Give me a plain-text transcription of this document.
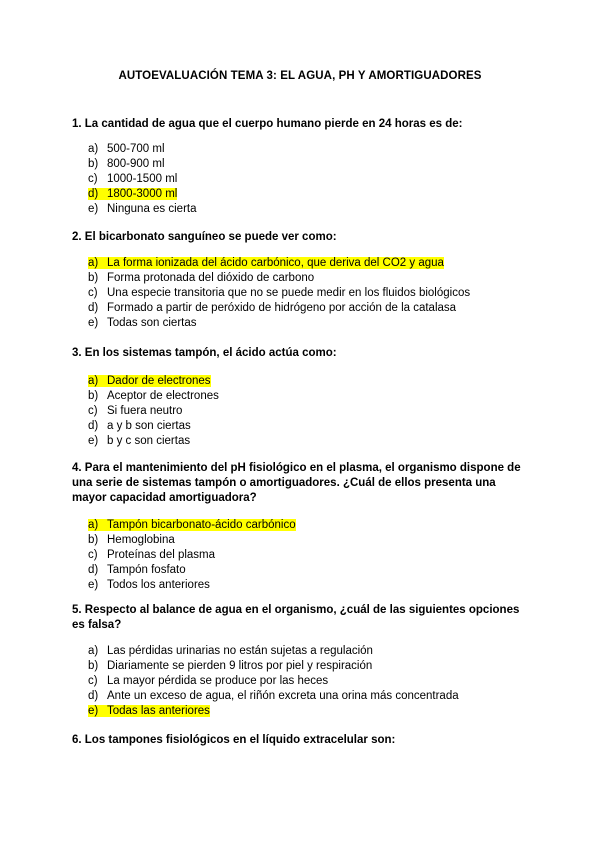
AUTOEVALUACIÓN TEMA 3: EL AGUA, PH Y AMORTIGUADORES
1. La cantidad de agua que el cuerpo humano pierde en 24 horas es de:
a) 500-700 ml
b) 800-900 ml
c) 1000-1500 ml
d) 1800-3000 ml
e) Ninguna es cierta
2. El bicarbonato sanguíneo se puede ver como:
a) La forma ionizada del ácido carbónico, que deriva del CO2 y agua
b) Forma protonada del dióxido de carbono
c) Una especie transitoria que no se puede medir en los fluidos biológicos
d) Formado a partir de peróxido de hidrógeno por acción de la catalasa
e) Todas son ciertas
3. En los sistemas tampón, el ácido actúa como:
a) Dador de electrones
b) Aceptor de electrones
c) Si fuera neutro
d) a y b son ciertas
e) b y c son ciertas
4. Para el mantenimiento del pH fisiológico en el plasma, el organismo dispone de una serie de sistemas tampón o amortiguadores. ¿Cuál de ellos presenta una mayor capacidad amortiguadora?
a) Tampón bicarbonato-ácido carbónico
b) Hemoglobina
c) Proteínas del plasma
d) Tampón fosfato
e) Todos los anteriores
5. Respecto al balance de agua en el organismo, ¿cuál de las siguientes opciones es falsa?
a) Las pérdidas urinarias no están sujetas a regulación
b) Diariamente se pierden 9 litros por piel y respiración
c) La mayor pérdida se produce por las heces
d) Ante un exceso de agua, el riñón excreta una orina más concentrada
e) Todas las anteriores
6. Los tampones fisiológicos en el líquido extracelular son:
